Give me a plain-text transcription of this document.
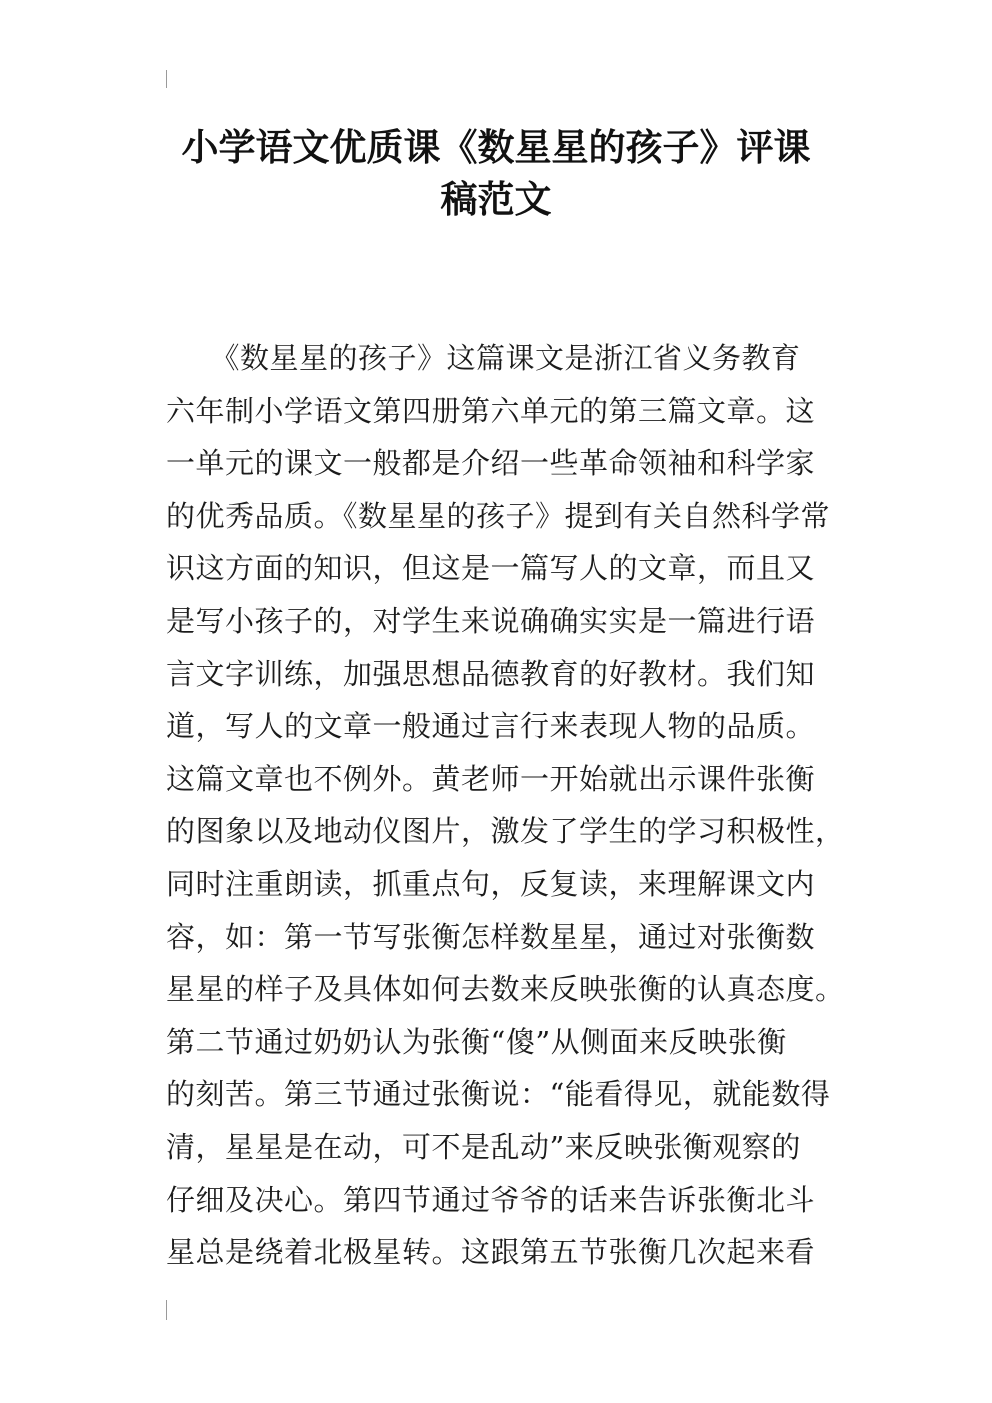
小学语文优质课《数星星的孩子》评课
稿范文
　　《数星星的孩子》这篇课文是浙江省义务教育
六年制小学语文第四册第六单元的第三篇文章。这
一单元的课文一般都是介绍一些革命领袖和科学家
的优秀品质。《数星星的孩子》提到有关自然科学常
识这方面的知识，但这是一篇写人的文章，而且又
是写小孩子的，对学生来说确确实实是一篇进行语
言文字训练，加强思想品德教育的好教材。我们知
道，写人的文章一般通过言行来表现人物的品质。
这篇文章也不例外。黄老师一开始就出示课件张衡
的图象以及地动仪图片，激发了学生的学习积极性，
同时注重朗读，抓重点句，反复读，来理解课文内
容，如：第一节写张衡怎样数星星，通过对张衡数
星星的样子及具体如何去数来反映张衡的认真态度。
第二节通过奶奶认为张衡“傻”从侧面来反映张衡
的刻苦。第三节通过张衡说：“能看得见，就能数得
清，星星是在动，可不是乱动”来反映张衡观察的
仔细及决心。第四节通过爷爷的话来告诉张衡北斗
星总是绕着北极星转。这跟第五节张衡几次起来看
